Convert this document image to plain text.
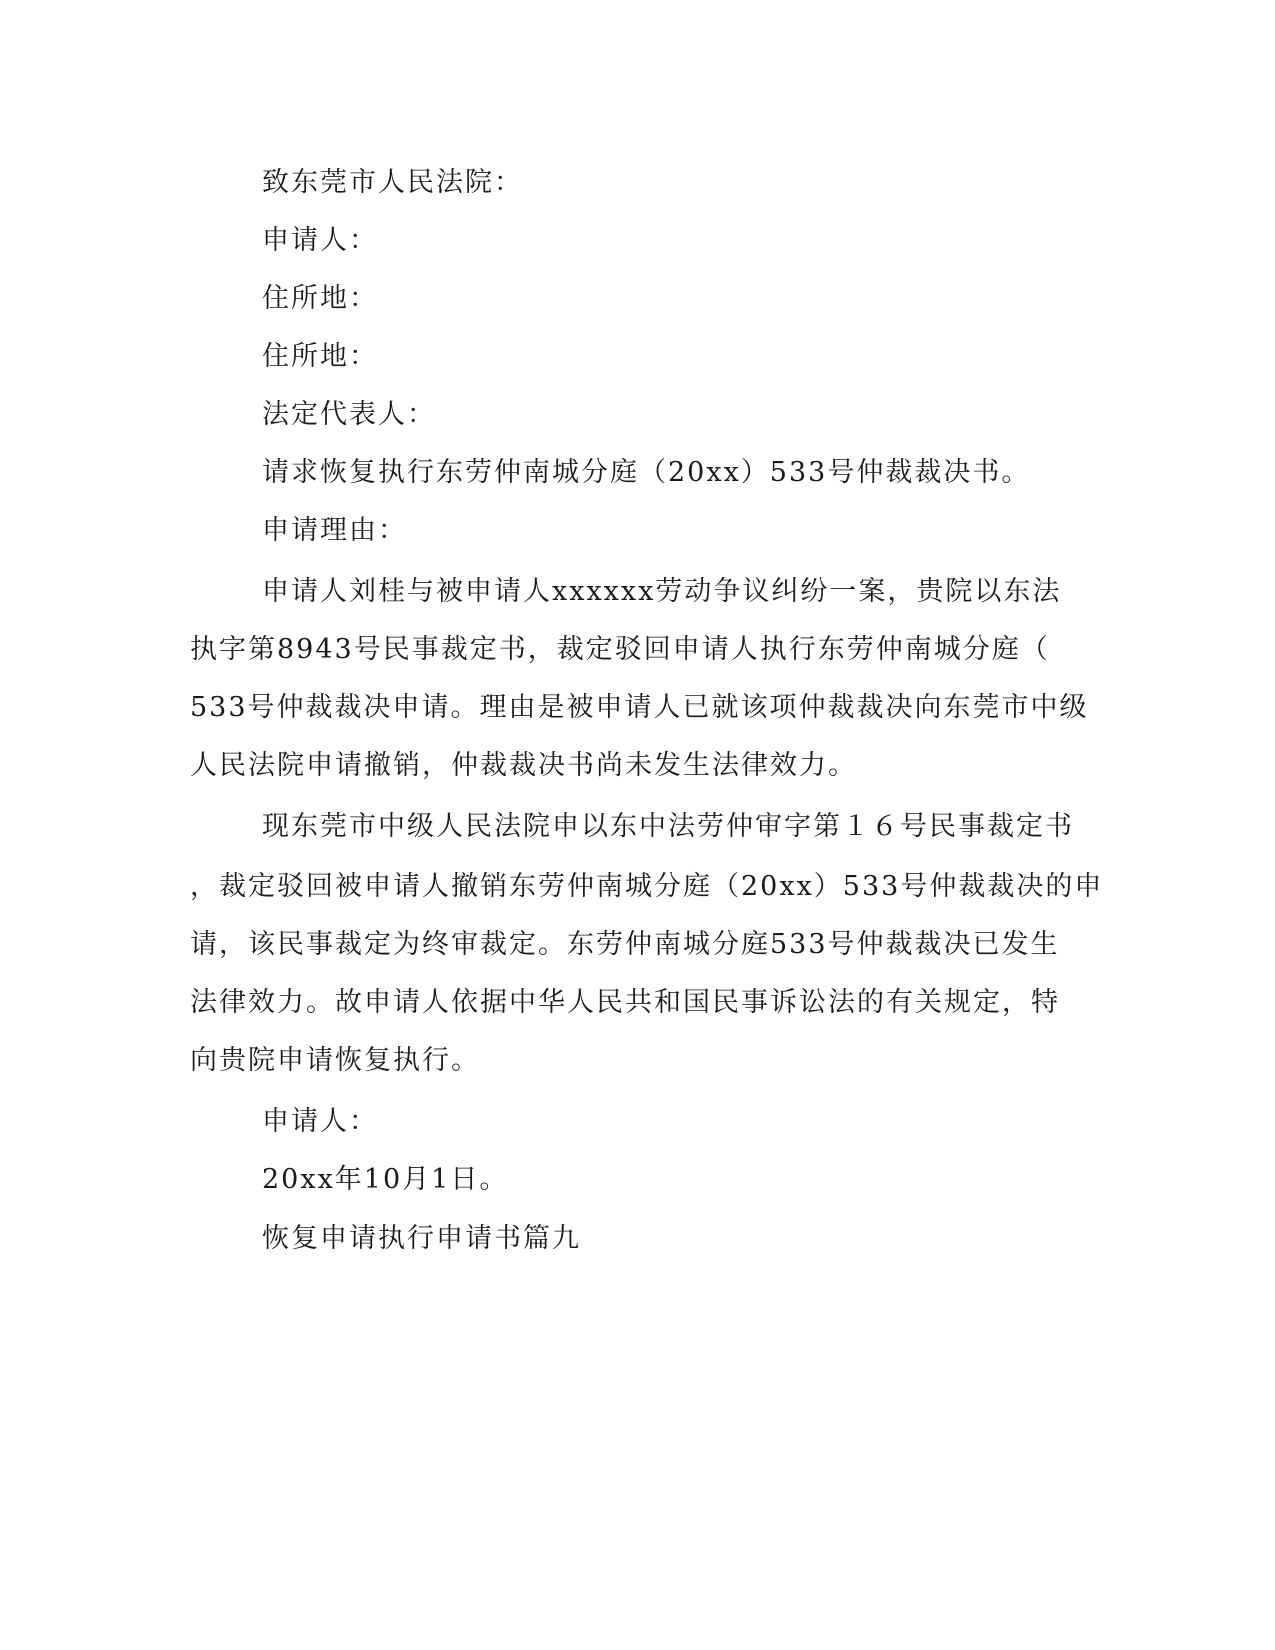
致东莞市人民法院：
申请人：
住所地：
住所地：
法定代表人：
请求恢复执行东劳仲南城分庭（20xx）533号仲裁裁决书。
申请理由：
申请人刘桂与被申请人xxxxxx劳动争议纠纷一案，贵院以东法
执字第8943号民事裁定书，裁定驳回申请人执行东劳仲南城分庭（
533号仲裁裁决申请。理由是被申请人已就该项仲裁裁决向东莞市中级
人民法院申请撤销，仲裁裁决书尚未发生法律效力。
现东莞市中级人民法院申以东中法劳仲审字第１６号民事裁定书
，裁定驳回被申请人撤销东劳仲南城分庭（20xx）533号仲裁裁决的申
请，该民事裁定为终审裁定。东劳仲南城分庭533号仲裁裁决已发生
法律效力。故申请人依据中华人民共和国民事诉讼法的有关规定，特
向贵院申请恢复执行。
申请人：
20xx年10月1日。
恢复申请执行申请书篇九
